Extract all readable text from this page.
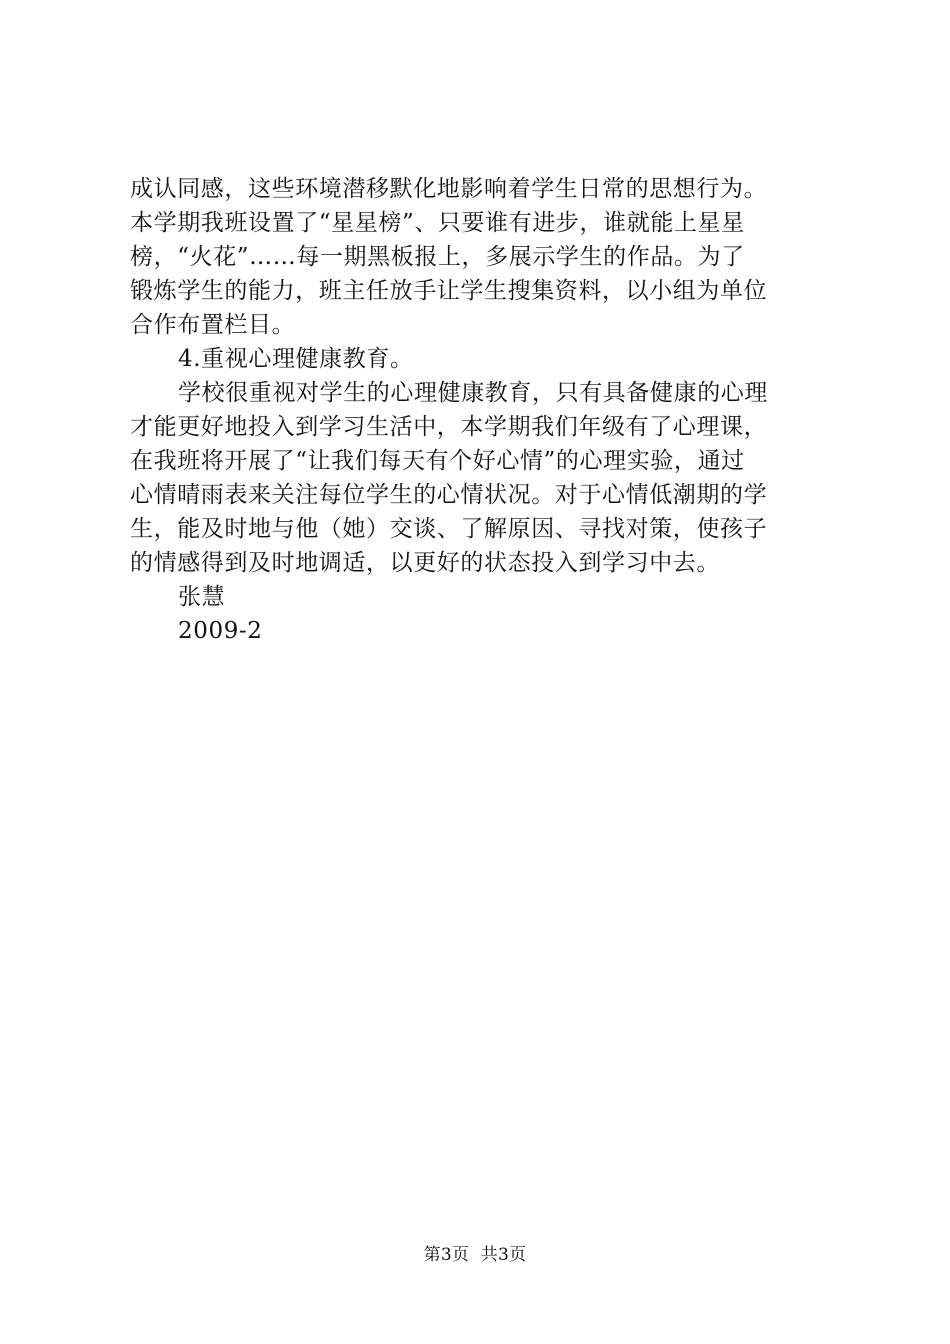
成认同感，这些环境潜移默化地影响着学生日常的思想行为。
本学期我班设置了“星星榜”、只要谁有进步，谁就能上星星
榜，“火花”……每一期黑板报上，多展示学生的作品。为了
锻炼学生的能力，班主任放手让学生搜集资料，以小组为单位
合作布置栏目。
4.重视心理健康教育。
学校很重视对学生的心理健康教育，只有具备健康的心理
才能更好地投入到学习生活中，本学期我们年级有了心理课，
在我班将开展了“让我们每天有个好心情”的心理实验，通过
心情晴雨表来关注每位学生的心情状况。对于心情低潮期的学
生，能及时地与他（她）交谈、了解原因、寻找对策，使孩子
的情感得到及时地调适，以更好的状态投入到学习中去。
张慧
2009-2
第3页  共3页
